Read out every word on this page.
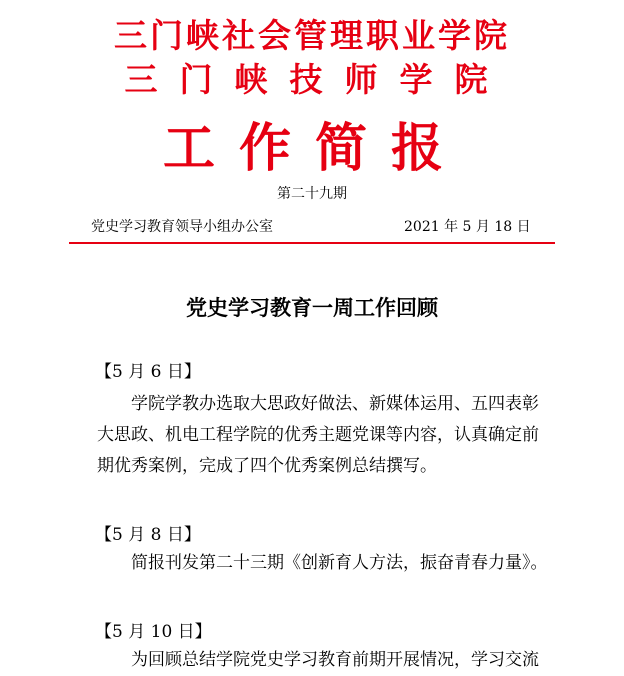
三门峡社会管理职业学院
三门峡技师学院
工作简报
第二十九期
党史学习教育领导小组办公室	2021 年 5 月 18 日
党史学习教育一周工作回顾
【5 月 6 日】
学院学教办选取大思政好做法、新媒体运用、五四表彰
大思政、机电工程学院的优秀主题党课等内容，认真确定前
期优秀案例，完成了四个优秀案例总结撰写。
【5 月 8 日】
简报刊发第二十三期《创新育人方法，振奋青春力量》。
【5 月 10 日】
为回顾总结学院党史学习教育前期开展情况，学习交流
